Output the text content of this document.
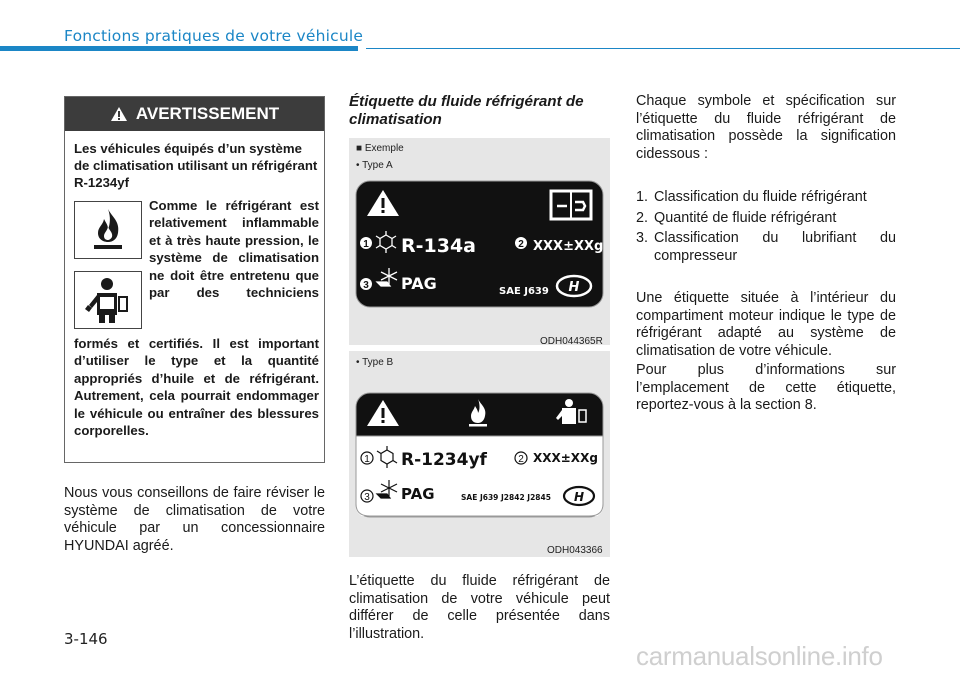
Fonctions pratiques de votre véhicule
AVERTISSEMENT
Les véhicules équipés d’un système de climatisation utilisant un réfrigérant R-1234yf
Comme le réfrigérant est relativement inflammable et à très haute pression, le système de climatisation ne doit être entretenu que par des techniciens
formés et certifiés. Il est important d’utiliser le type et la quantité appropriés d’huile et de réfrigérant. Autrement, cela pourrait endommager le véhicule ou entraîner des blessures corporelles.
Nous vous conseillons de faire réviser le système de climatisation de votre véhicule par un concessionnaire HYUNDAI agréé.
Étiquette du fluide réfrigérant de climatisation
■ Exemple
• Type A
1 R-134a	2 XXX±XXg
3 PAG	SAE J639 H
ODH044365R
• Type B
1 R-1234yf	2 XXX±XXg
3 PAG	SAE J639 J2842 J2845 H
ODH043366
L’étiquette du fluide réfrigérant de climatisation de votre véhicule peut différer de celle présentée dans l’illustration.
Chaque symbole et spécification sur l’étiquette du fluide réfrigérant de climatisation possède la signification cidessous :
1. Classification du fluide réfrigérant
2. Quantité de fluide réfrigérant
3. Classification du lubrifiant du compresseur
Une étiquette située à l’intérieur du compartiment moteur indique le type de réfrigérant adapté au système de climatisation de votre véhicule.
Pour plus d’informations sur l’emplacement de cette étiquette, reportez-vous à la section 8.
3-146
carmanualsonline.info
